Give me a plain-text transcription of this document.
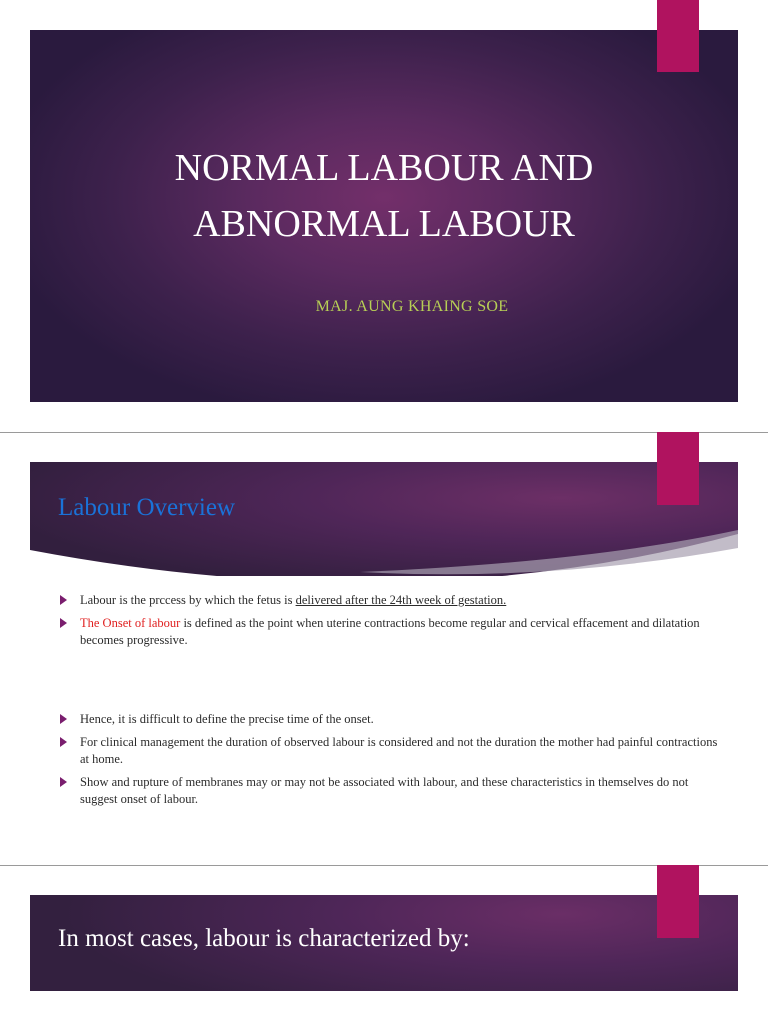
NORMAL LABOUR AND
ABNORMAL LABOUR
MAJ. AUNG KHAING SOE
Labour Overview
Labour is the prccess by which the fetus is delivered after the 24th week of gestation.
The Onset of labour is defined as the point when uterine contractions become regular and cervical effacement and dilatation becomes progressive.
Hence, it is difficult to define the precise time of the onset.
For clinical management the duration of observed labour is considered and not the duration the mother had painful contractions at home.
Show and rupture of membranes may or may not be associated with labour, and these characteristics in themselves do not suggest onset of labour.
In most cases, labour is characterized by:
